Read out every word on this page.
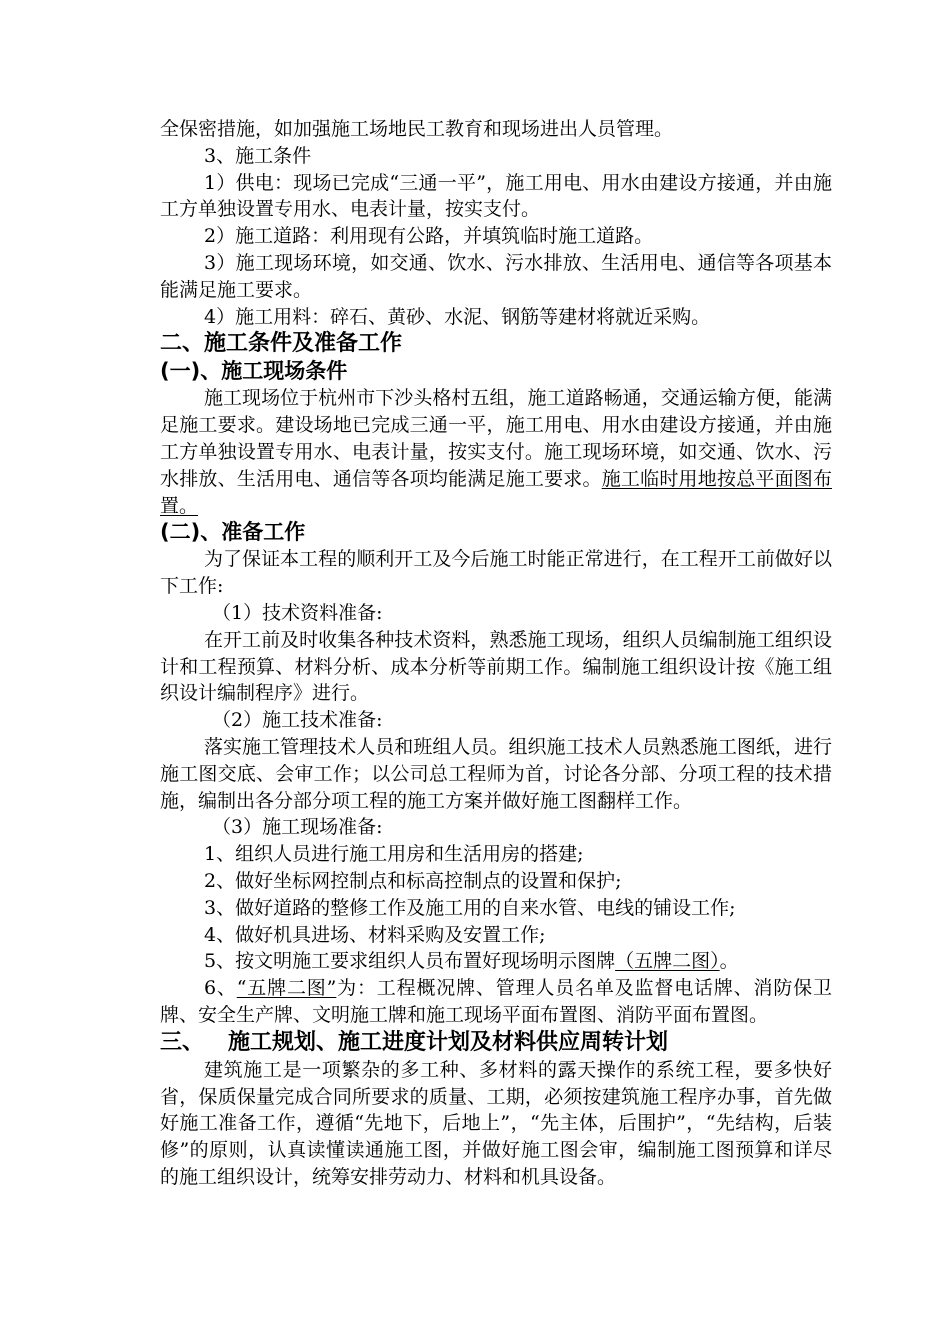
全保密措施，如加强施工场地民工教育和现场进出人员管理。

3、施工条件

1）供电：现场已完成“三通一平”，施工用电、用水由建设方接通，并由施工方单独设置专用水、电表计量，按实支付。

2）施工道路：利用现有公路，并填筑临时施工道路。

3）施工现场环境，如交通、饮水、污水排放、生活用电、通信等各项基本能满足施工要求。

4）施工用料：碎石、黄砂、水泥、钢筋等建材将就近采购。

二、施工条件及准备工作
(一)、施工现场条件

施工现场位于杭州市下沙头格村五组，施工道路畅通，交通运输方便，能满足施工要求。建设场地已完成三通一平，施工用电、用水由建设方接通，并由施工方单独设置专用水、电表计量，按实支付。施工现场环境，如交通、饮水、污水排放、生活用电、通信等各项均能满足施工要求。施工临时用地按总平面图布置。

(二)、准备工作

为了保证本工程的顺利开工及今后施工时能正常进行，在工程开工前做好以下工作:

（1）技术资料准备:

在开工前及时收集各种技术资料，熟悉施工现场，组织人员编制施工组织设计和工程预算、材料分析、成本分析等前期工作。编制施工组织设计按《施工组织设计编制程序》进行。

（2）施工技术准备:

落实施工管理技术人员和班组人员。组织施工技术人员熟悉施工图纸，进行施工图交底、会审工作；以公司总工程师为首，讨论各分部、分项工程的技术措施，编制出各分部分项工程的施工方案并做好施工图翻样工作。

（3）施工现场准备:

1、组织人员进行施工用房和生活用房的搭建;

2、做好坐标网控制点和标高控制点的设置和保护;

3、做好道路的整修工作及施工用的自来水管、电线的铺设工作;

4、做好机具进场、材料采购及安置工作;

5、按文明施工要求组织人员布置好现场明示图牌（五牌二图）。

6、“五牌二图”为：工程概况牌、管理人员名单及监督电话牌、消防保卫牌、安全生产牌、文明施工牌和施工现场平面布置图、消防平面布置图。

三、 施工规划、施工进度计划及材料供应周转计划

建筑施工是一项繁杂的多工种、多材料的露天操作的系统工程，要多快好省，保质保量完成合同所要求的质量、工期，必须按建筑施工程序办事，首先做好施工准备工作，遵循“先地下，后地上”，“先主体，后围护”，“先结构，后装修”的原则，认真读懂读通施工图，并做好施工图会审，编制施工图预算和详尽的施工组织设计，统筹安排劳动力、材料和机具设备。
